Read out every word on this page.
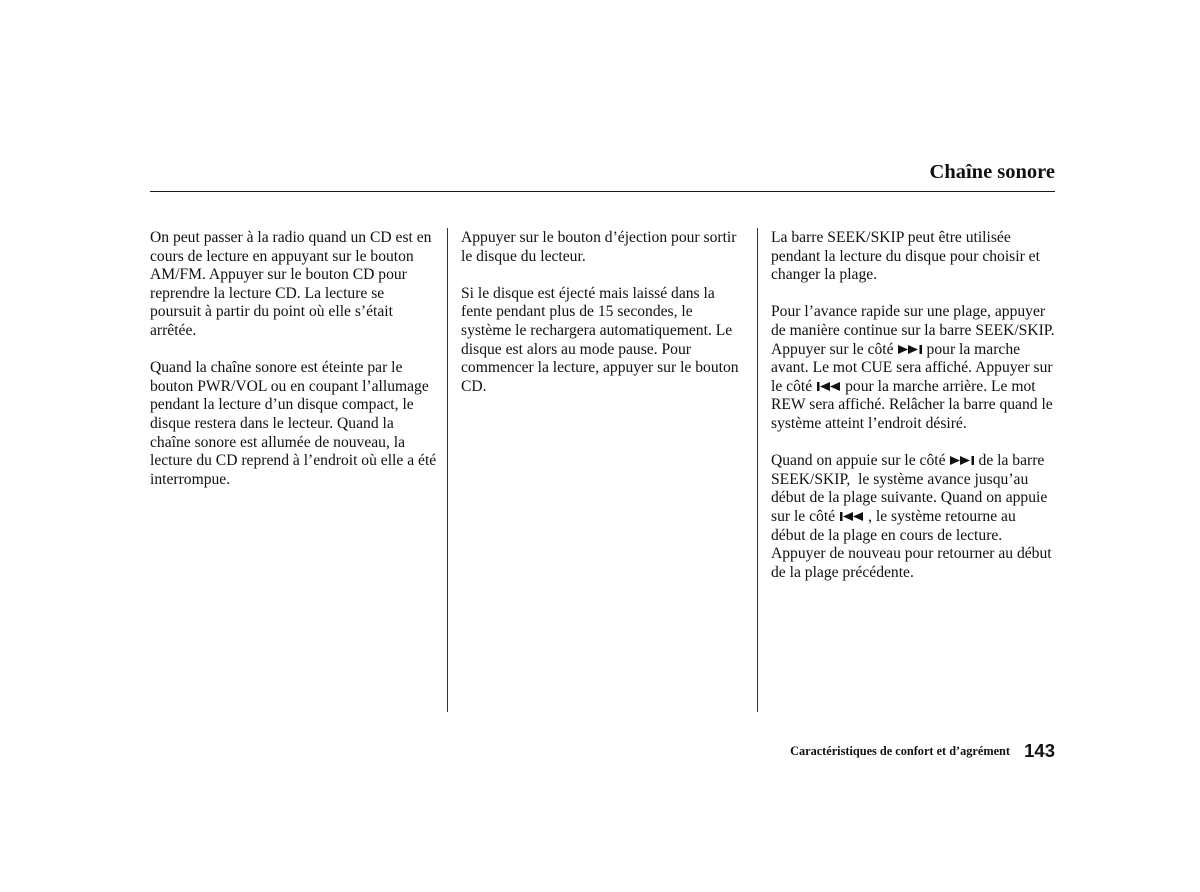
Chaîne sonore
On peut passer à la radio quand un CD est en
cours de lecture en appuyant sur le bouton
AM/FM. Appuyer sur le bouton CD pour
reprendre la lecture CD. La lecture se
poursuit à partir du point où elle s’était
arrêtée.
Quand la chaîne sonore est éteinte par le
bouton PWR/VOL ou en coupant l’allumage
pendant la lecture d’un disque compact, le
disque restera dans le lecteur. Quand la
chaîne sonore est allumée de nouveau, la
lecture du CD reprend à l’endroit où elle a été
interrompue.
Appuyer sur le bouton d’éjection pour sortir
le disque du lecteur.
Si le disque est éjecté mais laissé dans la
fente pendant plus de 15 secondes, le
système le rechargera automatiquement. Le
disque est alors au mode pause. Pour
commencer la lecture, appuyer sur le bouton
CD.
La barre SEEK/SKIP peut être utilisée
pendant la lecture du disque pour choisir et
changer la plage.
Pour l’avance rapide sur une plage, appuyer
de manière continue sur la barre SEEK/SKIP.
Appuyer sur le côté pour la marche
avant. Le mot CUE sera affiché. Appuyer sur
le côté pour la marche arrière. Le mot
REW sera affiché. Relâcher la barre quand le
système atteint l’endroit désiré.
Quand on appuie sur le côté de la barre
SEEK/SKIP,  le système avance jusqu’au
début de la plage suivante. Quand on appuie
sur le côté , le système retourne au
début de la plage en cours de lecture.
Appuyer de nouveau pour retourner au début
de la plage précédente.
Caractéristiques de confort et d’agrément 143
